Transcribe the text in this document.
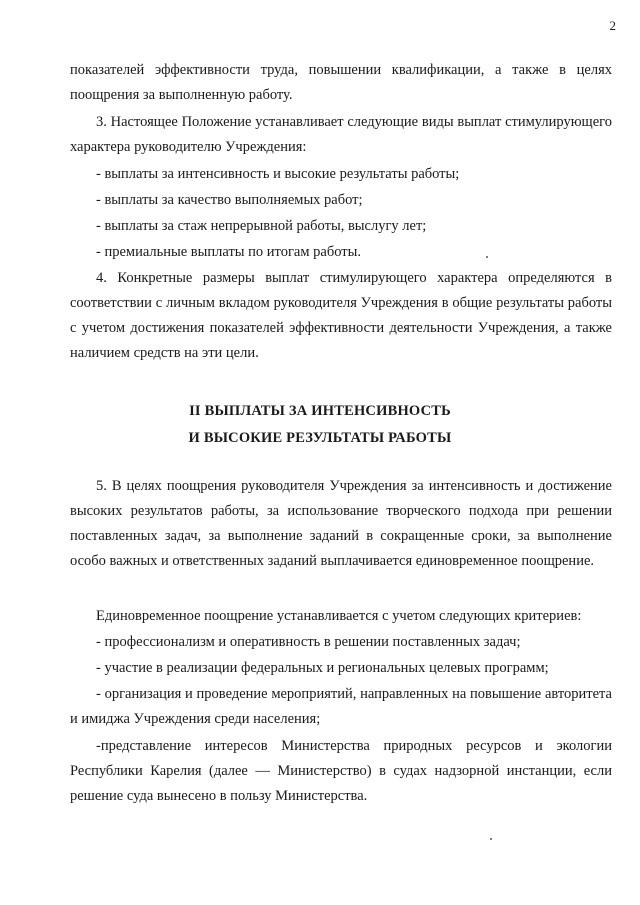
2
показателей эффективности труда, повышении квалификации, а также в целях поощрения за выполненную работу.
3. Настоящее Положение устанавливает следующие виды выплат стимулирующего характера руководителю Учреждения:
- выплаты за интенсивность и высокие результаты работы;
- выплаты за качество выполняемых работ;
- выплаты за стаж непрерывной работы, выслугу лет;
- премиальные выплаты по итогам работы.
4. Конкретные размеры выплат стимулирующего характера определяются в соответствии с личным вкладом руководителя Учреждения в общие результаты работы с учетом достижения показателей эффективности деятельности Учреждения, а также наличием средств на эти цели.
II ВЫПЛАТЫ ЗА ИНТЕНСИВНОСТЬ
И ВЫСОКИЕ РЕЗУЛЬТАТЫ РАБОТЫ
5. В целях поощрения руководителя Учреждения за интенсивность и достижение высоких результатов работы, за использование творческого подхода при решении поставленных задач, за выполнение заданий в сокращенные сроки, за выполнение особо важных и ответственных заданий выплачивается единовременное поощрение.
Единовременное поощрение устанавливается с учетом следующих критериев:
- профессионализм и оперативность в решении поставленных задач;
- участие в реализации федеральных и региональных целевых программ;
- организация и проведение мероприятий, направленных на повышение авторитета и имиджа Учреждения среди населения;
-представление интересов Министерства природных ресурсов и экологии Республики Карелия (далее — Министерство) в судах надзорной инстанции, если решение суда вынесено в пользу Министерства.
